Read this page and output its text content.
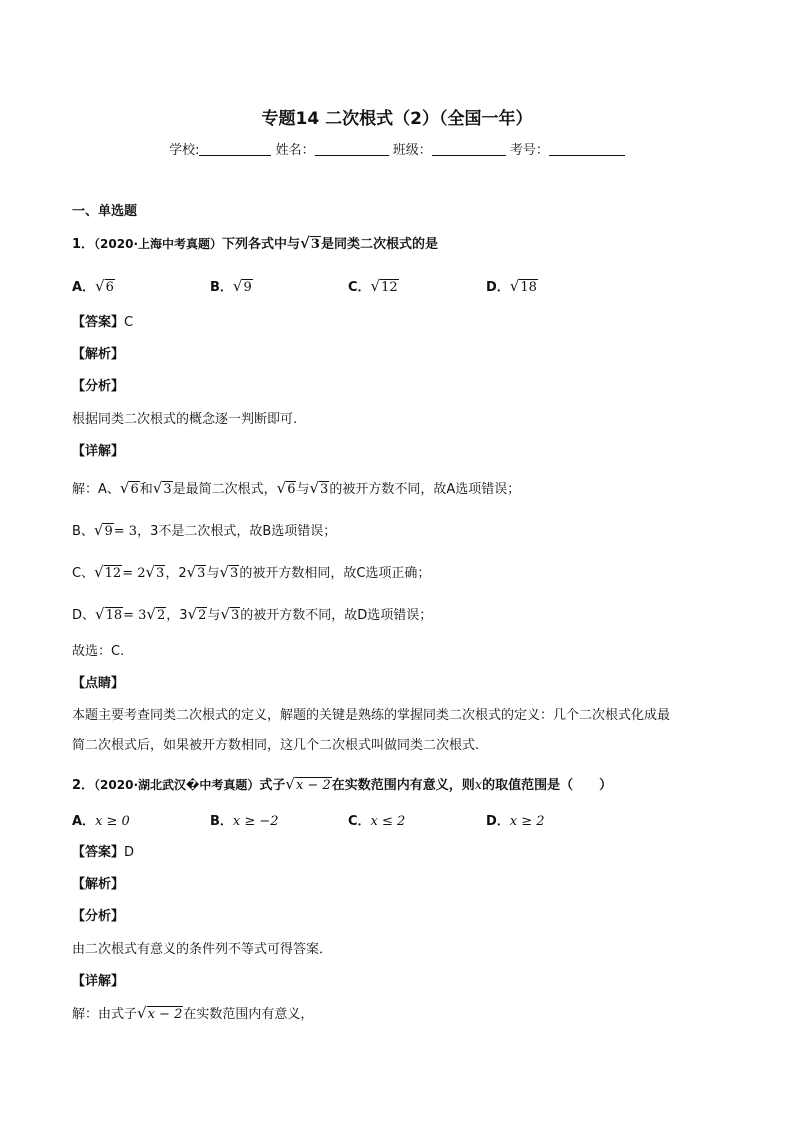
专题14 二次根式（2）（全国一年）
学校:	姓名：	班级：	考号：
一、单选题
1．（2020·上海中考真题）下列各式中与√3是同类二次根式的是
A．√6	B．√9	C．√12	D．√18
【答案】C
【解析】
【分析】
根据同类二次根式的概念逐一判断即可.
【详解】
解：A、√6和√3是最简二次根式，√6与√3的被开方数不同，故A选项错误；
B、√9= 3，3不是二次根式，故B选项错误；
C、√12= 2√3，2√3与√3的被开方数相同，故C选项正确；
D、√18= 3√2，3√2与√3的被开方数不同，故D选项错误；
故选：C.
【点睛】
本题主要考查同类二次根式的定义，解题的关键是熟练的掌握同类二次根式的定义：几个二次根式化成最
简二次根式后，如果被开方数相同，这几个二次根式叫做同类二次根式.
2．（2020·湖北武汉�中考真题）式子√x − 2在实数范围内有意义，则x的取值范围是（　　）
A．x ≥ 0	B．x ≥ −2	C．x ≤ 2	D．x ≥ 2
【答案】D
【解析】
【分析】
由二次根式有意义的条件列不等式可得答案．
【详解】
解：由式子√x − 2在实数范围内有意义，
